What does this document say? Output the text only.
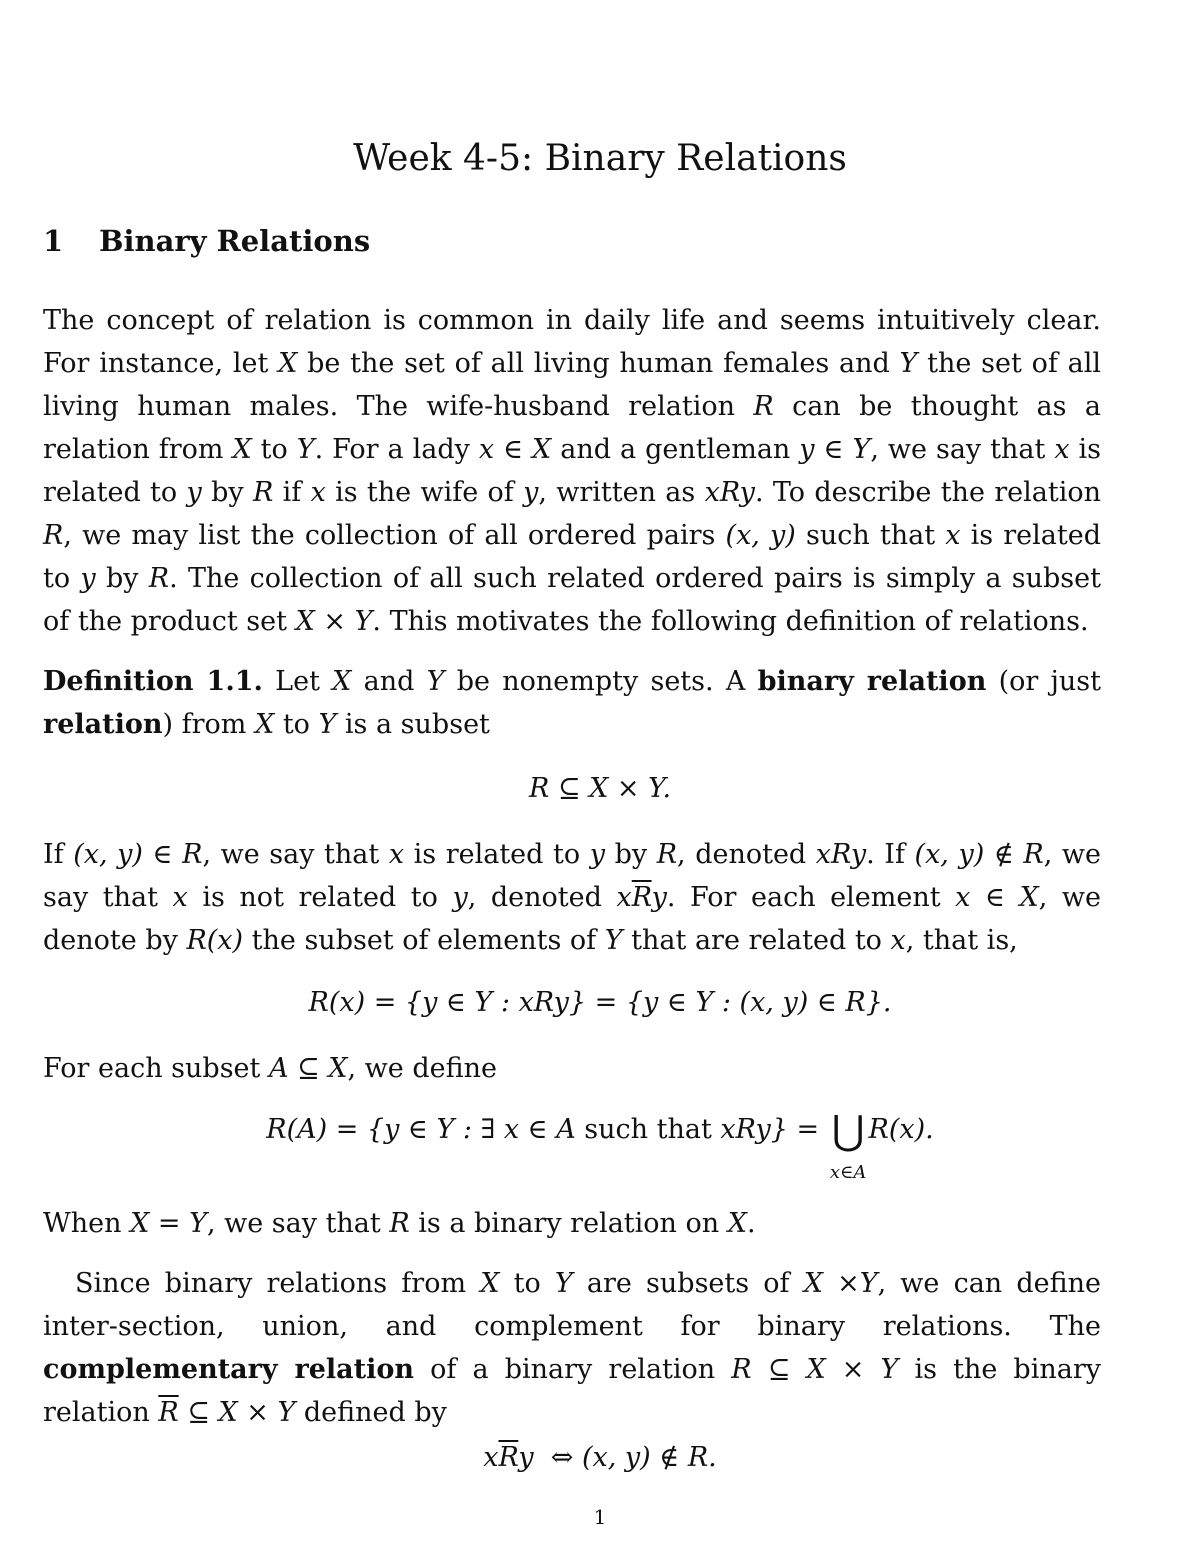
Week 4-5: Binary Relations
1 Binary Relations

The concept of relation is common in daily life and seems intuitively clear. For instance, let X be the set of all living human females and Y the set of all living human males. The wife-husband relation R can be thought as a relation from X to Y. For a lady x ∈ X and a gentleman y ∈ Y, we say that x is related to y by R if x is the wife of y, written as xRy. To describe the relation R, we may list the collection of all ordered pairs (x, y) such that x is related to y by R. The collection of all such related ordered pairs is simply a subset of the product set X × Y. This motivates the following definition of relations.

Definition 1.1. Let X and Y be nonempty sets. A binary relation (or just relation) from X to Y is a subset

R ⊆ X × Y.

If (x, y) ∈ R, we say that x is related to y by R, denoted xRy. If (x, y) ∉ R, we say that x is not related to y, denoted $x\overline{R}y$. For each element x ∈ X, we denote by R(x) the subset of elements of Y that are related to x, that is,

R(x) = {y ∈ Y : xRy} = {y ∈ Y : (x, y) ∈ R}.

For each subset A ⊆ X, we define

R(A) = {y ∈ Y : ∃ x ∈ A such that xRy} = ⋃
x∈A
R(x).

When X = Y, we say that R is a binary relation on X.

Since binary relations from X to Y are subsets of X ×Y, we can define inter-section, union, and complement for binary relations. The complementary relation of a binary relation R ⊆ X × Y is the binary relation $\overline{R}$ ⊆ X × Y defined by

$x\overline{R}y$  ⇔ (x, y) ∉ R.

1
